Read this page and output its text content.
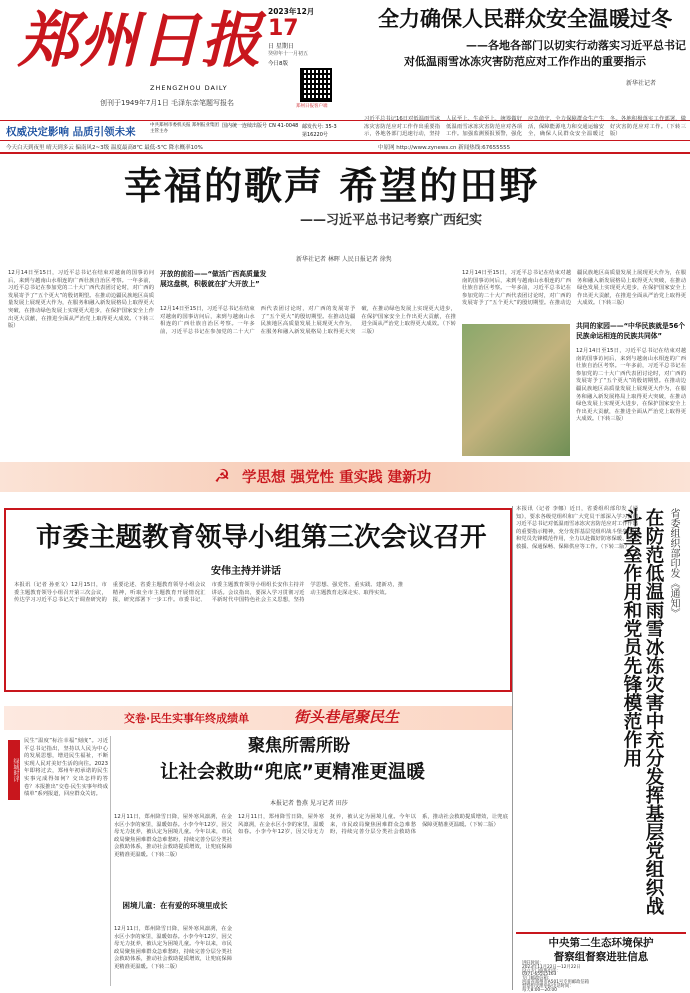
郑州日报
ZHENGZHOU DAILY
创刊于1949年7月1日 毛泽东亲笔题写报名
2023年12月
17
日 星期日
癸卯年十一月初五
今日8版
郑州日报客户端
权威决定影响 品质引领未来
中共郑州市委机关报 郑州报业集团主管主办
国内统一连续出版号 CN 41-0048 邮发代号: 35-3
第16220号
今天白天到夜里 晴天到多云 偏南风2~3级 温度最高8℃ 最低-5℃ 降水概率10%	中原网 http://www.zynews.cn 新闻热线:67655555
全力确保人民群众安全温暖过冬
——各地各部门以切实行动落实习近平总书记
对低温雨雪冰冻灾害防范应对工作作出的重要指示
新华社记者
习近平总书记16日对低温雨雪冰冻灾害防范应对工作作出重要指示，各地各部门迅速行动，坚持人民至上、生命至上，统筹做好低温雨雪冰冻灾害防范应对各项工作。加强监测预报预警，强化应急值守，全力保障群众生产生活，保障能源电力和交通运输安全，确保人民群众安全温暖过冬。各地积极落实工作部署，做好灾害防范应对工作。（下转三版）
幸福的歌声 希望的田野
——习近平总书记考察广西纪实
新华社记者 林晖 人民日报记者 徐隽
12月14日至15日，习近平总书记在结束对越南的国事访问后，来到与越南山水相连的广西壮族自治区考察。一年多前，习近平总书记在参加党的二十大广西代表团讨论时，对广西的发展寄予了“五个更大”的殷切期望。在推动边疆民族地区高质量发展上展现更大作为，在服务和融入新发展格局上取得更大突破，在推动绿色发展上实现更大进步，在保护国家安全上作出更大贡献，在推进全面从严治党上取得更大成效。（下转三版）
开放的前沿——“做活广西高质量发展这盘棋，积极就在扩大开放上”
12月14日至15日，习近平总书记在结束对越南的国事访问后，来到与越南山水相连的广西壮族自治区考察。一年多前，习近平总书记在参加党的二十大广西代表团讨论时，对广西的发展寄予了“五个更大”的殷切期望。在推动边疆民族地区高质量发展上展现更大作为，在服务和融入新发展格局上取得更大突破，在推动绿色发展上实现更大进步，在保护国家安全上作出更大贡献，在推进全面从严治党上取得更大成效。（下转三版）
12月14日至15日，习近平总书记在结束对越南的国事访问后，来到与越南山水相连的广西壮族自治区考察。一年多前，习近平总书记在参加党的二十大广西代表团讨论时，对广西的发展寄予了“五个更大”的殷切期望。在推动边疆民族地区高质量发展上展现更大作为，在服务和融入新发展格局上取得更大突破，在推动绿色发展上实现更大进步，在保护国家安全上作出更大贡献，在推进全面从严治党上取得更大成效。（下转三版）
共同的家园——“中华民族就是56个民族命运相连的民族共同体”
12月14日至15日，习近平总书记在结束对越南的国事访问后，来到与越南山水相连的广西壮族自治区考察。一年多前，习近平总书记在参加党的二十大广西代表团讨论时，对广西的发展寄予了“五个更大”的殷切期望。在推动边疆民族地区高质量发展上展现更大作为，在服务和融入新发展格局上取得更大突破，在推动绿色发展上实现更大进步，在保护国家安全上作出更大贡献，在推进全面从严治党上取得更大成效。（下转三版）
☭ 学思想 强党性 重实践 建新功
市委主题教育领导小组第三次会议召开
安伟主持并讲话
本报讯（记者 孙亚文）12月15日，市委主题教育领导小组召开第三次会议，传达学习习近平总书记关于调查研究的重要论述、省委主题教育领导小组会议精神，听取全市主题教育开展情况汇报，研究部署下一步工作。市委书记、市委主题教育领导小组组长安伟主持并讲话。会议指出，要深入学习贯彻习近平新时代中国特色社会主义思想，坚持学思想、强党性、重实践、建新功，推动主题教育走深走实、取得实效。
本报讯（记者 李娜）近日，省委组织部印发《通知》，要求各级党组织和广大党员干部深入学习贯彻习近平总书记对低温雨雪冰冻灾害防范应对工作作出的重要指示精神，充分发挥基层党组织战斗堡垒作用和党员先锋模范作用，全力以赴做好防寒保暖、应急救援、保通保畅、保障供应等工作。（下转二版） 在防范低温雨雪冰冻灾害中充分发挥基层党组织战斗堡垒作用和党员先锋模范作用	省委组织部印发《通知》
交卷·民生实事年终成绩单	街头巷尾聚民生
绿城时评
民生“温度”标注幸福“刻度”。习近平总书记指出，坚持以人民为中心的发展思想，增进民生福祉，不断实现人民对美好生活的向往。2023年即将过去，郑州年初承诺的民生实事完成得如何？交出怎样的答卷？本报推出“交卷·民生实事年终成绩单”系列报道，回应群众关切。
聚焦所需所盼
让社会救助“兜底”更精准更温暖
本报记者 鲁燕 见习记者 田莎
12月11日，郑州降雪日降，屋外寒风凛冽，在金水区小李的家里，温暖如春。小李今年12岁，因父母无力抚养，被认定为困境儿童。今年以来，市民政局聚焦困难群众急难愁盼，持续完善分层分类社会救助体系，推动社会救助提质增效，让兜底保障更精准更温暖。（下转二版）
困境儿童：在有爱的环境里成长
12月11日，郑州降雪日降，屋外寒风凛冽，在金水区小李的家里，温暖如春。小李今年12岁，因父母无力抚养，被认定为困境儿童。今年以来，市民政局聚焦困难群众急难愁盼，持续完善分层分类社会救助体系，推动社会救助提质增效，让兜底保障更精准更温暖。（下转二版）
12月11日，郑州降雪日降，屋外寒风凛冽，在金水区小李的家里，温暖如春。小李今年12岁，因父母无力抚养，被认定为困境儿童。今年以来，市民政局聚焦困难群众急难愁盼，持续完善分层分类社会救助体系，推动社会救助提质增效，让兜底保障更精准更温暖。（下转二版）
中央第二生态环境保护
督察组督察进驻信息
进驻时间：
2023年11月22日—12月22日
设立专门值班电话：
0371-65515163
专门邮政信箱：
河南省郑州市A501号专用邮政信箱
督察组受理举报电话时间：
每天8:00—20:00
